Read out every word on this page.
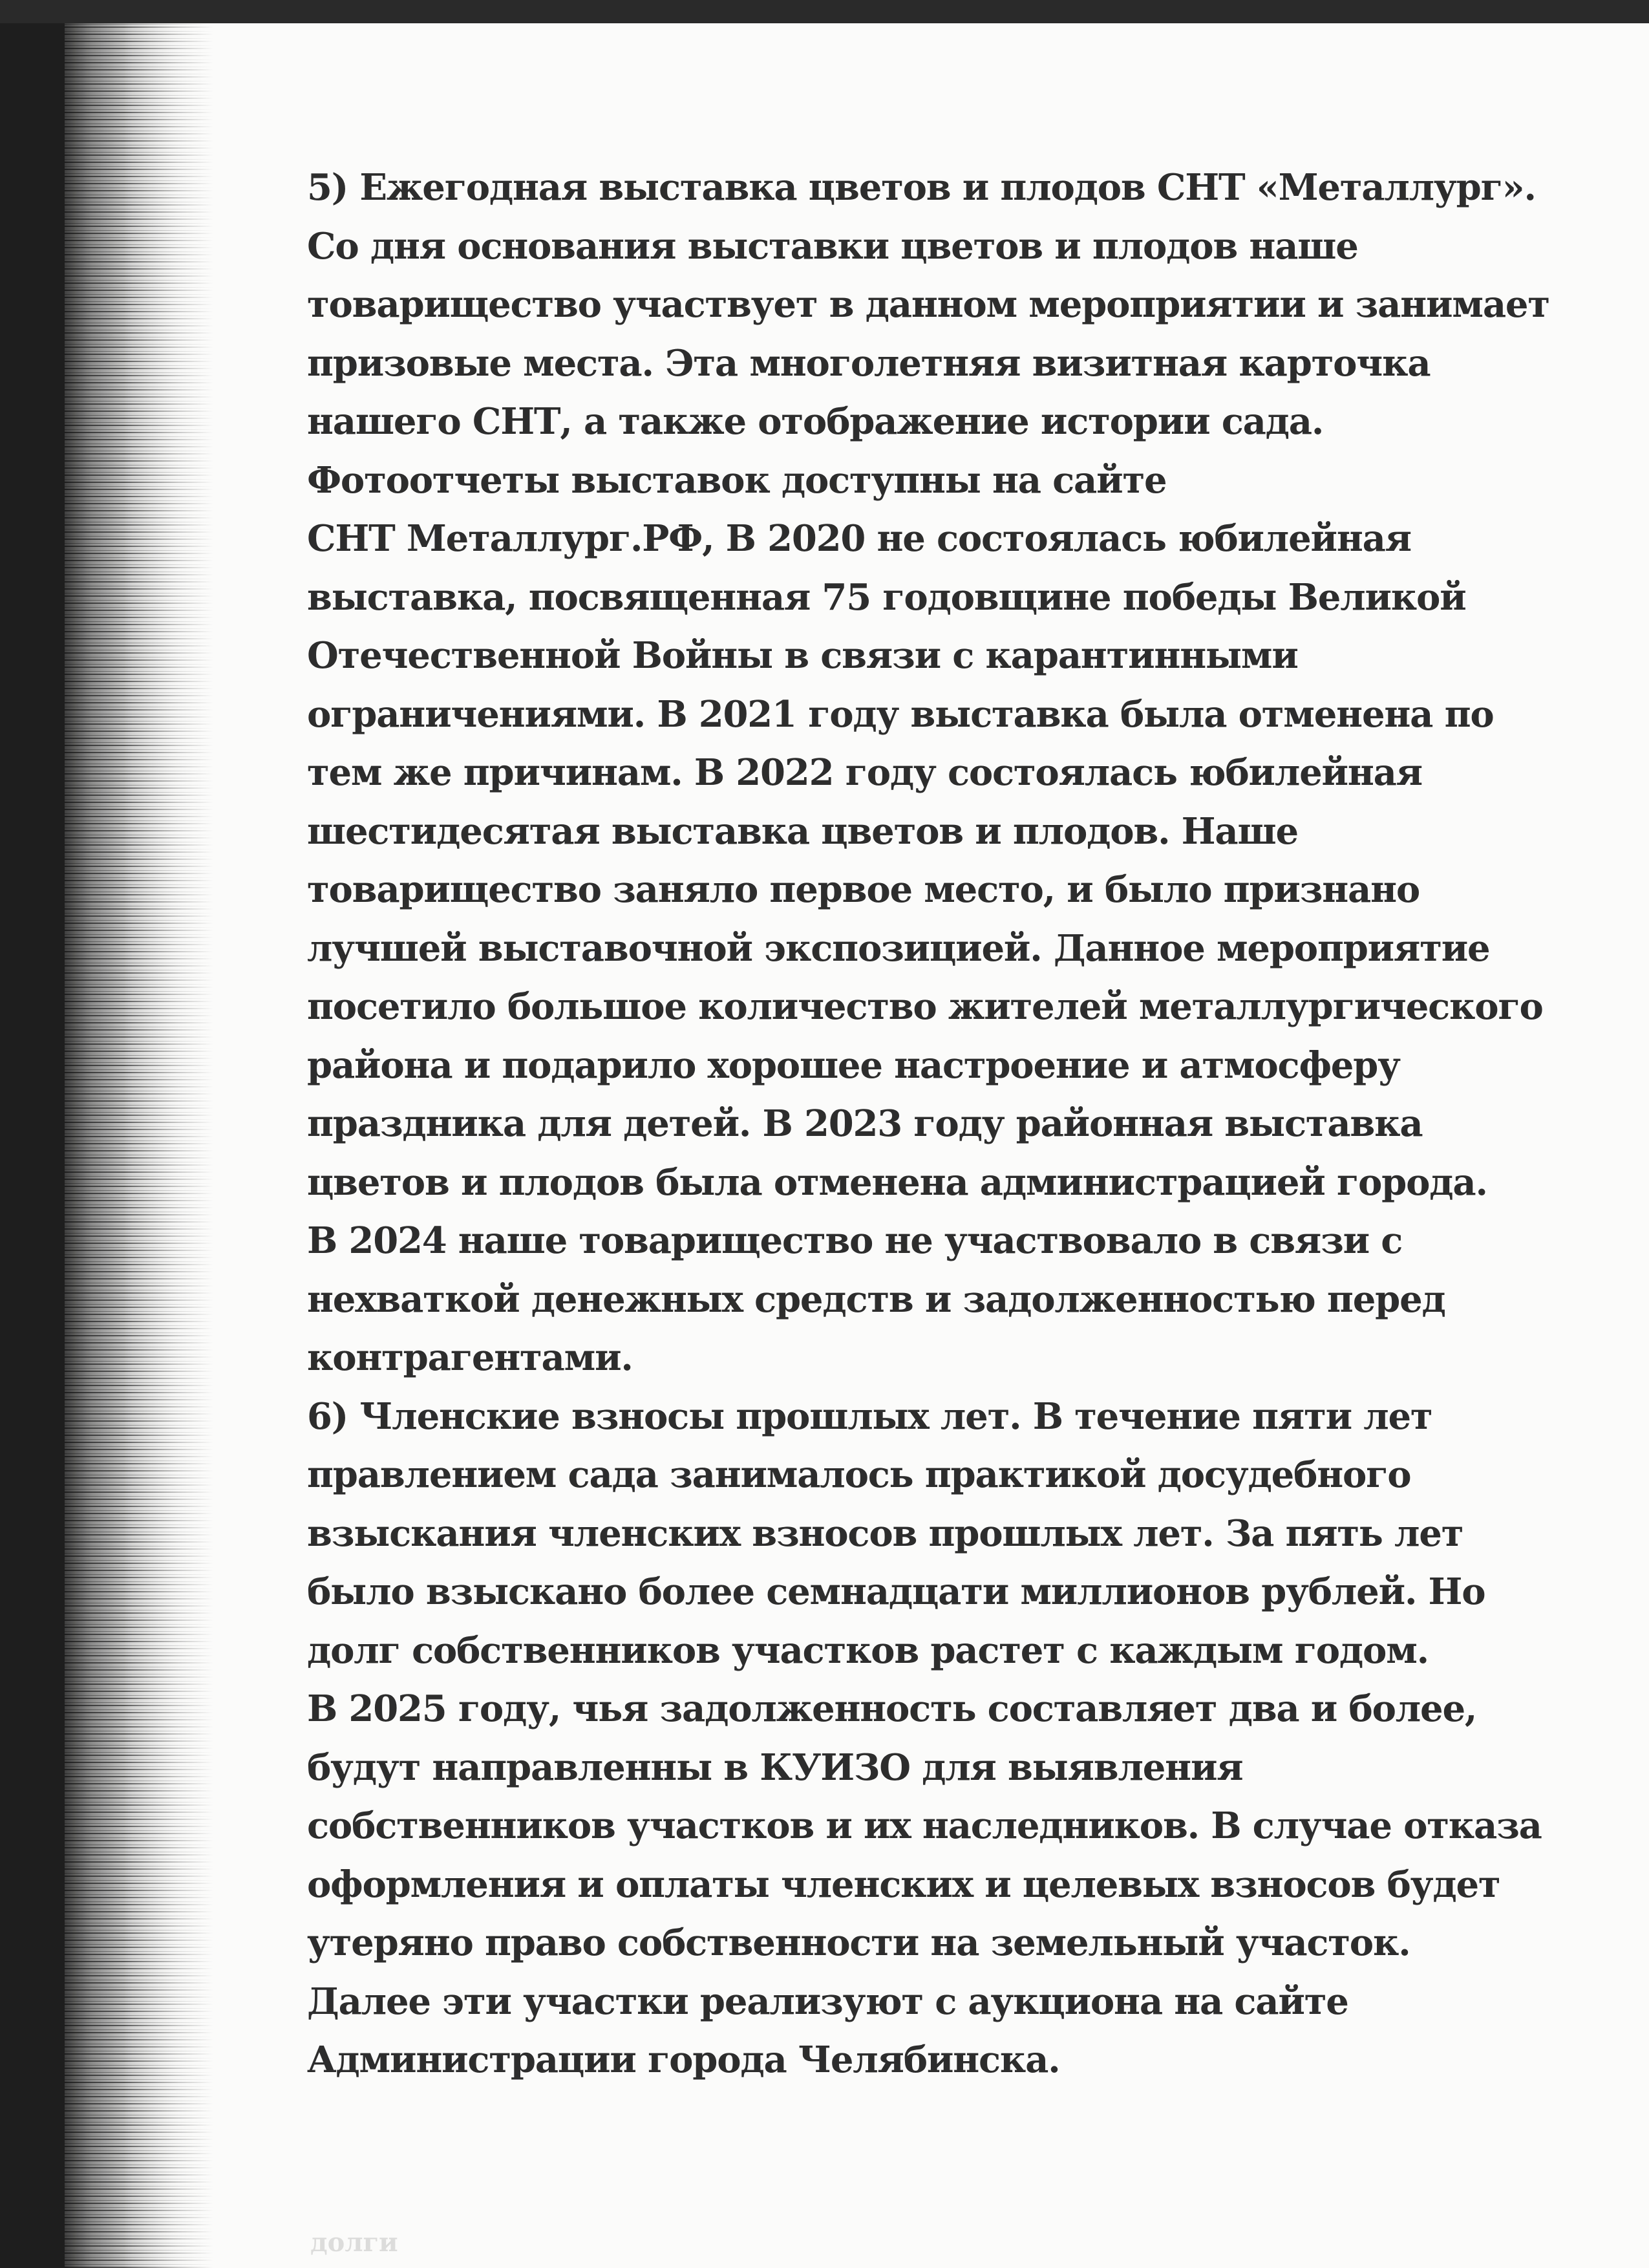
5) Ежегодная выставка цветов и плодов СНТ «Металлург».
Со дня основания выставки цветов и плодов наше
товарищество участвует в данном мероприятии и занимает
призовые места. Эта многолетняя визитная карточка
нашего СНТ, а также отображение истории сада.
Фотоотчеты выставок доступны на сайте
СНТ Металлург.РФ, В 2020 не состоялась юбилейная
выставка, посвященная 75 годовщине победы Великой
Отечественной Войны в связи с карантинными
ограничениями. В 2021 году выставка была отменена по
тем же причинам. В 2022 году состоялась юбилейная
шестидесятая выставка цветов и плодов. Наше
товарищество заняло первое место, и было признано
лучшей выставочной экспозицией. Данное мероприятие
посетило большое количество жителей металлургического
района и подарило хорошее настроение и атмосферу
праздника для детей. В 2023 году районная выставка
цветов и плодов была отменена администрацией города.
В 2024 наше товарищество не участвовало в связи с
нехваткой денежных средств и задолженностью перед
контрагентами.
6) Членские взносы прошлых лет. В течение пяти лет
правлением сада занималось практикой досудебного
взыскания членских взносов прошлых лет. За пять лет
было взыскано более семнадцати миллионов рублей. Но
долг собственников участков растет с каждым годом.
В 2025 году, чья задолженность составляет два и более,
будут направленны в КУИЗО для выявления
собственников участков и их наследников. В случае отказа
оформления и оплаты членских и целевых взносов будет
утеряно право собственности на земельный участок.
Далее эти участки реализуют с аукциона на сайте
Администрации города Челябинска.
долги
